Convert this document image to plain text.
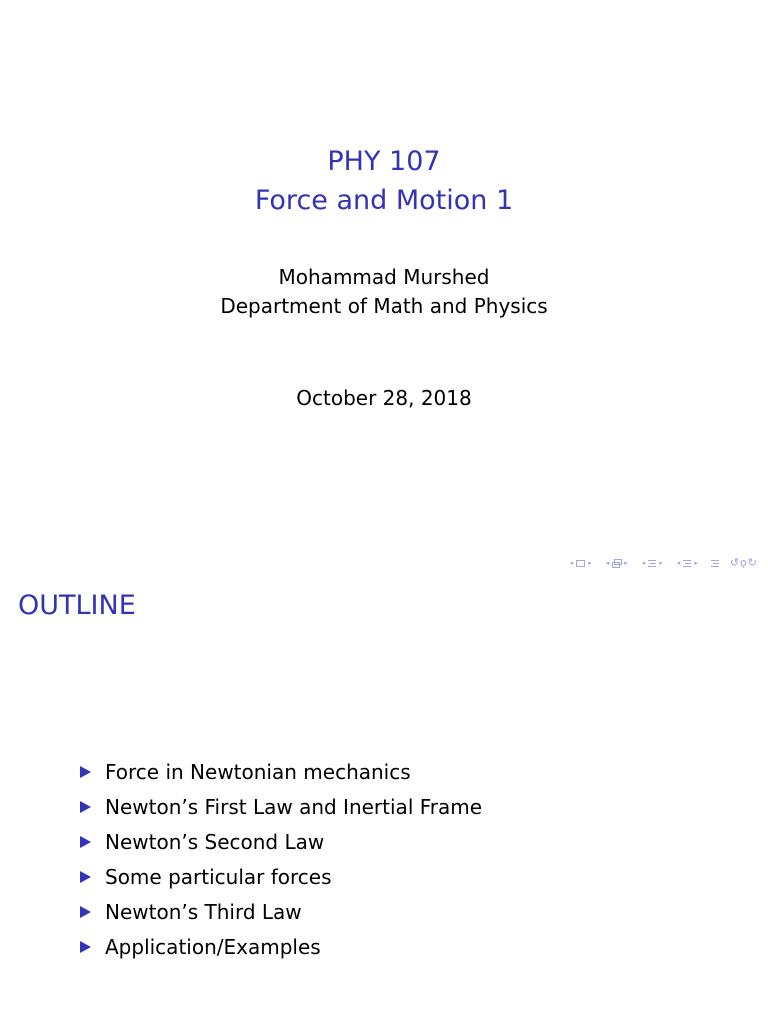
PHY 107
Force and Motion 1
Mohammad Murshed
Department of Math and Physics
October 28, 2018
◂ ▸ ◂ ▸ ◂ ▸ ◂ ▸	↺ǫ↻
OUTLINE
Force in Newtonian mechanics
Newton’s First Law and Inertial Frame
Newton’s Second Law
Some particular forces
Newton’s Third Law
Application/Examples
